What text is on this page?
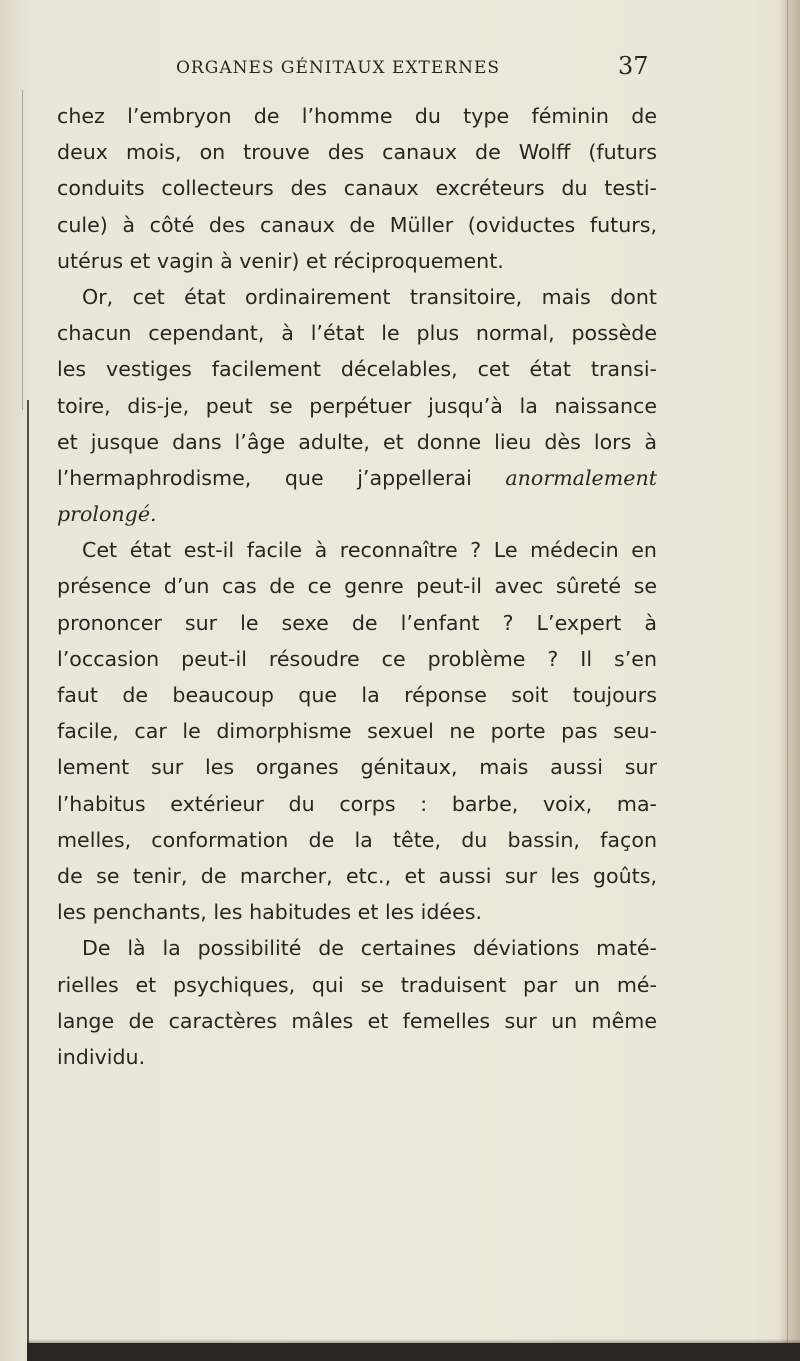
ORGANES GÉNITAUX EXTERNES	37
chez l’embryon de l’homme du type féminin de
deux mois, on trouve des canaux de Wolff (futurs
conduits collecteurs des canaux excréteurs du testi-
cule) à côté des canaux de Müller (oviductes futurs,
utérus et vagin à venir) et réciproquement.
Or, cet état ordinairement transitoire, mais dont
chacun cependant, à l’état le plus normal, possède
les vestiges facilement décelables, cet état transi-
toire, dis-je, peut se perpétuer jusqu’à la naissance
et jusque dans l’âge adulte, et donne lieu dès lors à
l’hermaphrodisme, que j’appellerai anormalement
prolongé.
Cet état est-il facile à reconnaître ? Le médecin en
présence d’un cas de ce genre peut-il avec sûreté se
prononcer sur le sexe de l’enfant ? L’expert à
l’occasion peut-il résoudre ce problème ? Il s’en
faut de beaucoup que la réponse soit toujours
facile, car le dimorphisme sexuel ne porte pas seu-
lement sur les organes génitaux, mais aussi sur
l’habitus extérieur du corps : barbe, voix, ma-
melles, conformation de la tête, du bassin, façon
de se tenir, de marcher, etc., et aussi sur les goûts,
les penchants, les habitudes et les idées.
De là la possibilité de certaines déviations maté-
rielles et psychiques, qui se traduisent par un mé-
lange de caractères mâles et femelles sur un même
individu.
